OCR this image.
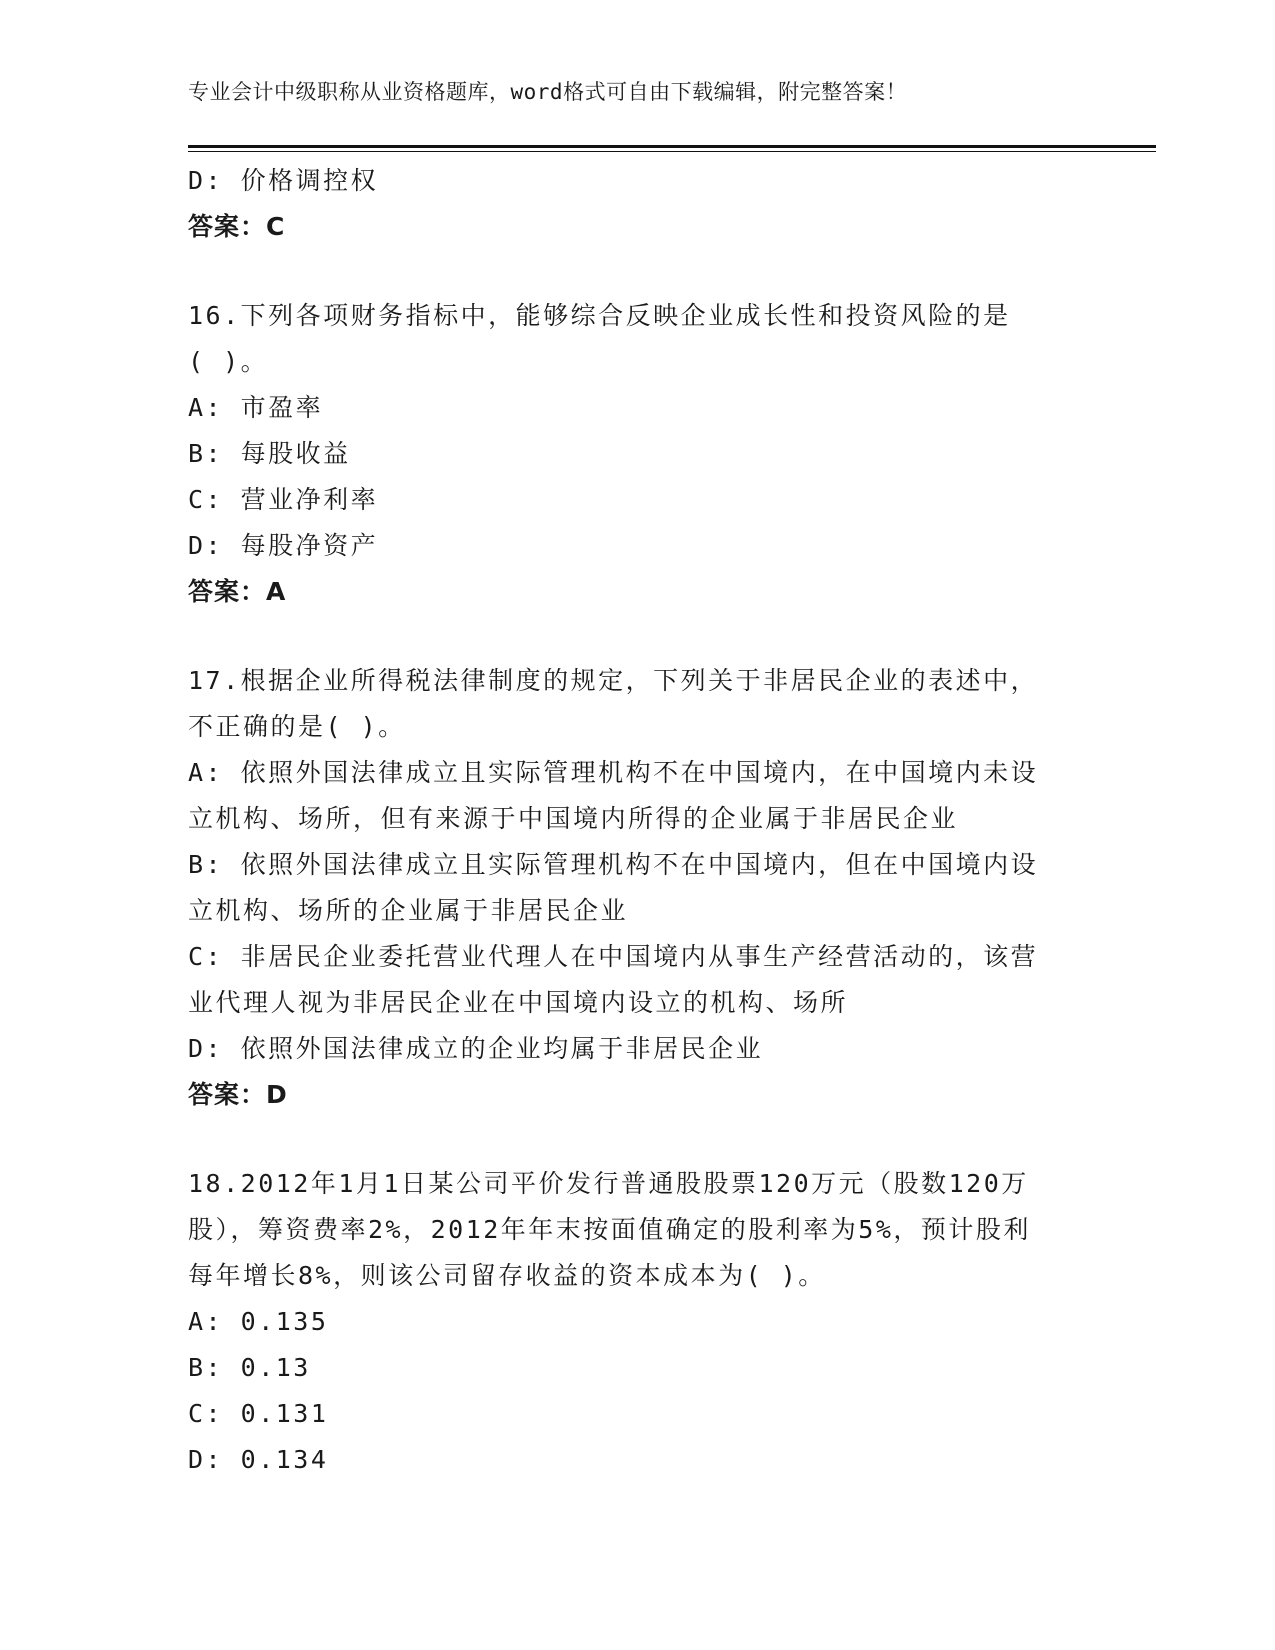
专业会计中级职称从业资格题库，word格式可自由下载编辑，附完整答案！
D: 价格调控权
答案：C
16.下列各项财务指标中，能够综合反映企业成长性和投资风险的是
( )。
A: 市盈率
B: 每股收益
C: 营业净利率
D: 每股净资产
答案：A
17.根据企业所得税法律制度的规定，下列关于非居民企业的表述中，
不正确的是( )。
A: 依照外国法律成立且实际管理机构不在中国境内，在中国境内未设
立机构、场所，但有来源于中国境内所得的企业属于非居民企业
B: 依照外国法律成立且实际管理机构不在中国境内，但在中国境内设
立机构、场所的企业属于非居民企业
C: 非居民企业委托营业代理人在中国境内从事生产经营活动的，该营
业代理人视为非居民企业在中国境内设立的机构、场所
D: 依照外国法律成立的企业均属于非居民企业
答案：D
18.2012年1月1日某公司平价发行普通股股票120万元（股数120万
股），筹资费率2%，2012年年末按面值确定的股利率为5%，预计股利
每年增长8%，则该公司留存收益的资本成本为( )。
A: 0.135
B: 0.13
C: 0.131
D: 0.134
